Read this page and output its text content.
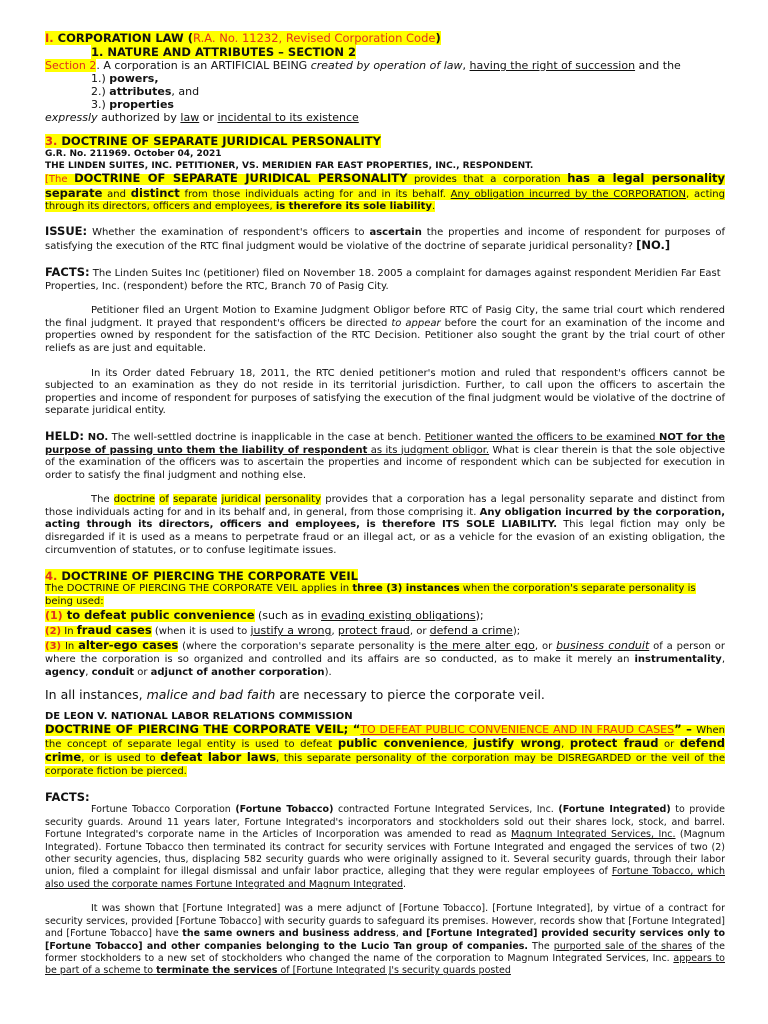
I. CORPORATION LAW (R.A. No. 11232, Revised Corporation Code)

1. NATURE AND ATTRIBUTES – SECTION 2

Section 2. A corporation is an ARTIFICIAL BEING created by operation of law, having the right of succession and the

1.) powers,

2.) attributes, and

3.) properties

expressly authorized by law or incidental to its existence

3. DOCTRINE OF SEPARATE JURIDICAL PERSONALITY

G.R. No. 211969. October 04, 2021

THE LINDEN SUITES, INC. PETITIONER, VS. MERIDIEN FAR EAST PROPERTIES, INC., RESPONDENT.

[The DOCTRINE OF SEPARATE JURIDICAL PERSONALITY provides that a corporation has a legal personality separate and distinct from those individuals acting for and in its behalf. Any obligation incurred by the CORPORATION, acting through its directors, officers and employees, is therefore its sole liability.

ISSUE: Whether the examination of respondent's officers to ascertain the properties and income of respondent for purposes of satisfying the execution of the RTC final judgment would be violative of the doctrine of separate juridical personality? [NO.]

FACTS: The Linden Suites Inc (petitioner) filed on November 18. 2005 a complaint for damages against respondent Meridien Far East Properties, Inc. (respondent) before the RTC, Branch 70 of Pasig City.

Petitioner filed an Urgent Motion to Examine Judgment Obligor before RTC of Pasig City, the same trial court which rendered the final judgment. It prayed that respondent's officers be directed to appear before the court for an examination of the income and properties owned by respondent for the satisfaction of the RTC Decision. Petitioner also sought the grant by the trial court of other reliefs as are just and equitable.

In its Order dated February 18, 2011, the RTC denied petitioner's motion and ruled that respondent's officers cannot be subjected to an examination as they do not reside in its territorial jurisdiction. Further, to call upon the officers to ascertain the properties and income of respondent for purposes of satisfying the execution of the final judgment would be violative of the doctrine of separate juridical entity.

HELD: NO. The well-settled doctrine is inapplicable in the case at bench. Petitioner wanted the officers to be examined NOT for the purpose of passing unto them the liability of respondent as its judgment obligor. What is clear therein is that the sole objective of the examination of the officers was to ascertain the properties and income of respondent which can be subjected for execution in order to satisfy the final judgment and nothing else.

The doctrine of separate juridical personality provides that a corporation has a legal personality separate and distinct from those individuals acting for and in its behalf and, in general, from those comprising it. Any obligation incurred by the corporation, acting through its directors, officers and employees, is therefore ITS SOLE LIABILITY. This legal fiction may only be disregarded if it is used as a means to perpetrate fraud or an illegal act, or as a vehicle for the evasion of an existing obligation, the circumvention of statutes, or to confuse legitimate issues.

4. DOCTRINE OF PIERCING THE CORPORATE VEIL

The DOCTRINE OF PIERCING THE CORPORATE VEIL applies in three (3) instances when the corporation's separate personality is being used:

(1) to defeat public convenience (such as in evading existing obligations);

(2) In fraud cases (when it is used to justify a wrong, protect fraud, or defend a crime);

(3) In alter-ego cases (where the corporation's separate personality is the mere alter ego, or business conduit of a person or where the corporation is so organized and controlled and its affairs are so conducted, as to make it merely an instrumentality, agency, conduit or adjunct of another corporation).

In all instances, malice and bad faith are necessary to pierce the corporate veil.

DE LEON V. NATIONAL LABOR RELATIONS COMMISSION

DOCTRINE OF PIERCING THE CORPORATE VEIL; “TO DEFEAT PUBLIC CONVENIENCE AND IN FRAUD CASES” – When the concept of separate legal entity is used to defeat public convenience, justify wrong, protect fraud or defend crime, or is used to defeat labor laws, this separate personality of the corporation may be DISREGARDED or the veil of the corporate fiction be pierced.

FACTS:

Fortune Tobacco Corporation (Fortune Tobacco) contracted Fortune Integrated Services, Inc. (Fortune Integrated) to provide security guards. Around 11 years later, Fortune Integrated's incorporators and stockholders sold out their shares lock, stock, and barrel. Fortune Integrated's corporate name in the Articles of Incorporation was amended to read as Magnum Integrated Services, Inc. (Magnum Integrated). Fortune Tobacco then terminated its contract for security services with Fortune Integrated and engaged the services of two (2) other security agencies, thus, displacing 582 security guards who were originally assigned to it. Several security guards, through their labor union, filed a complaint for illegal dismissal and unfair labor practice, alleging that they were regular employees of Fortune Tobacco, which also used the corporate names Fortune Integrated and Magnum Integrated.

It was shown that [Fortune Integrated] was a mere adjunct of [Fortune Tobacco]. [Fortune Integrated], by virtue of a contract for security services, provided [Fortune Tobacco] with security guards to safeguard its premises. However, records show that [Fortune Integrated] and [Fortune Tobacco] have the same owners and business address, and [Fortune Integrated] provided security services only to [Fortune Tobacco] and other companies belonging to the Lucio Tan group of companies. The purported sale of the shares of the former stockholders to a new set of stockholders who changed the name of the corporation to Magnum Integrated Services, Inc. appears to be part of a scheme to terminate the services of [Fortune Integrated J's security guards posted
